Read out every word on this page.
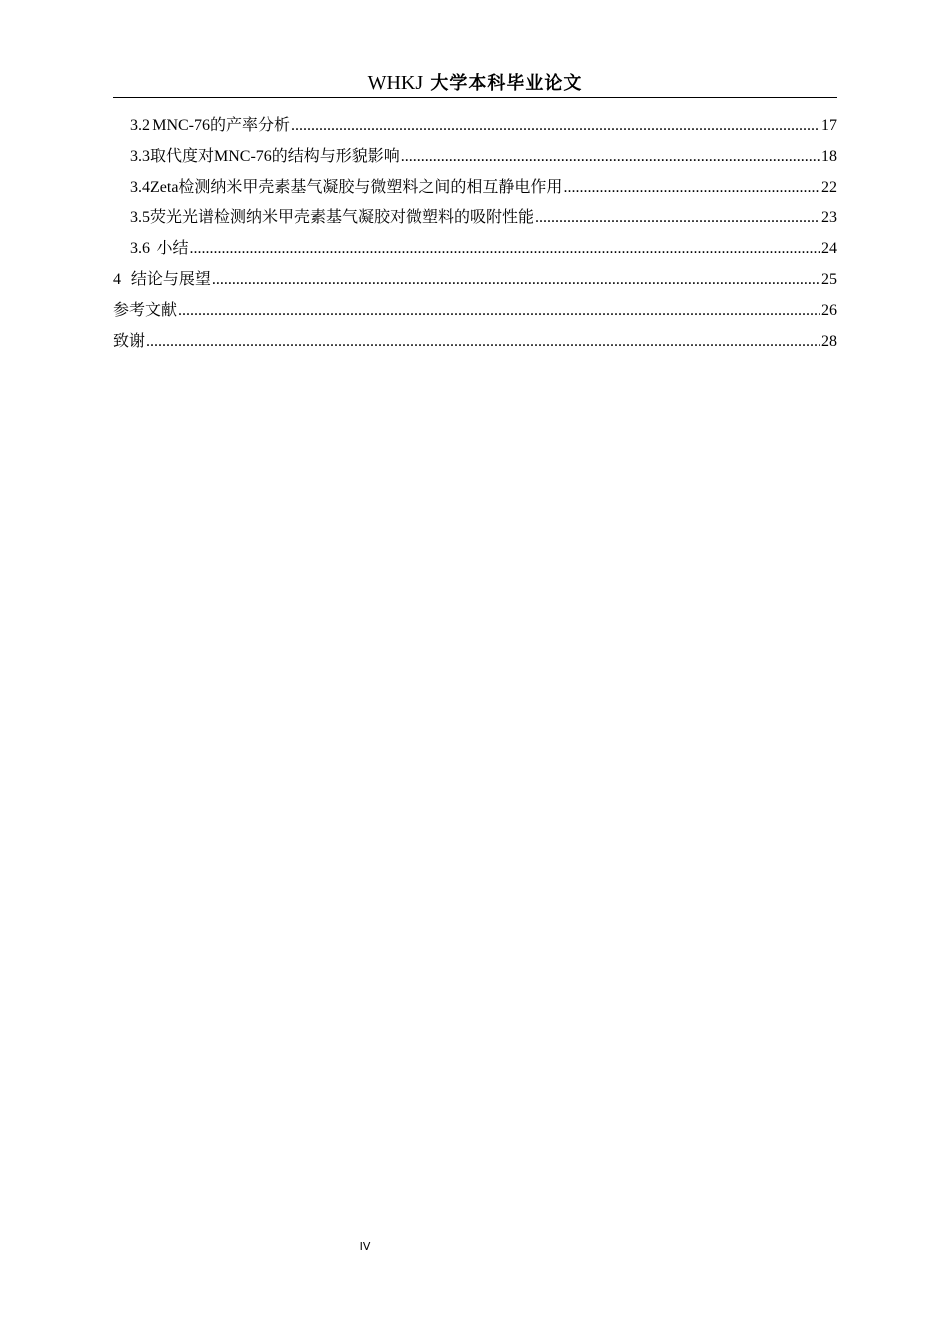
WHKJ 大学本科毕业论文
3.2 MNC-76的产率分析 .....	17
3.3 取代度对MNC-76的结构与形貌影响 .....	18
3.4 Zeta检测纳米甲壳素基气凝胶与微塑料之间的相互静电作用 .....	22
3.5 荧光光谱检测纳米甲壳素基气凝胶对微塑料的吸附性能 .....	23
3.6 小结 .....	24
4 结论与展望 .....	25
参考文献 .....	26
致谢 .....	28
IV
